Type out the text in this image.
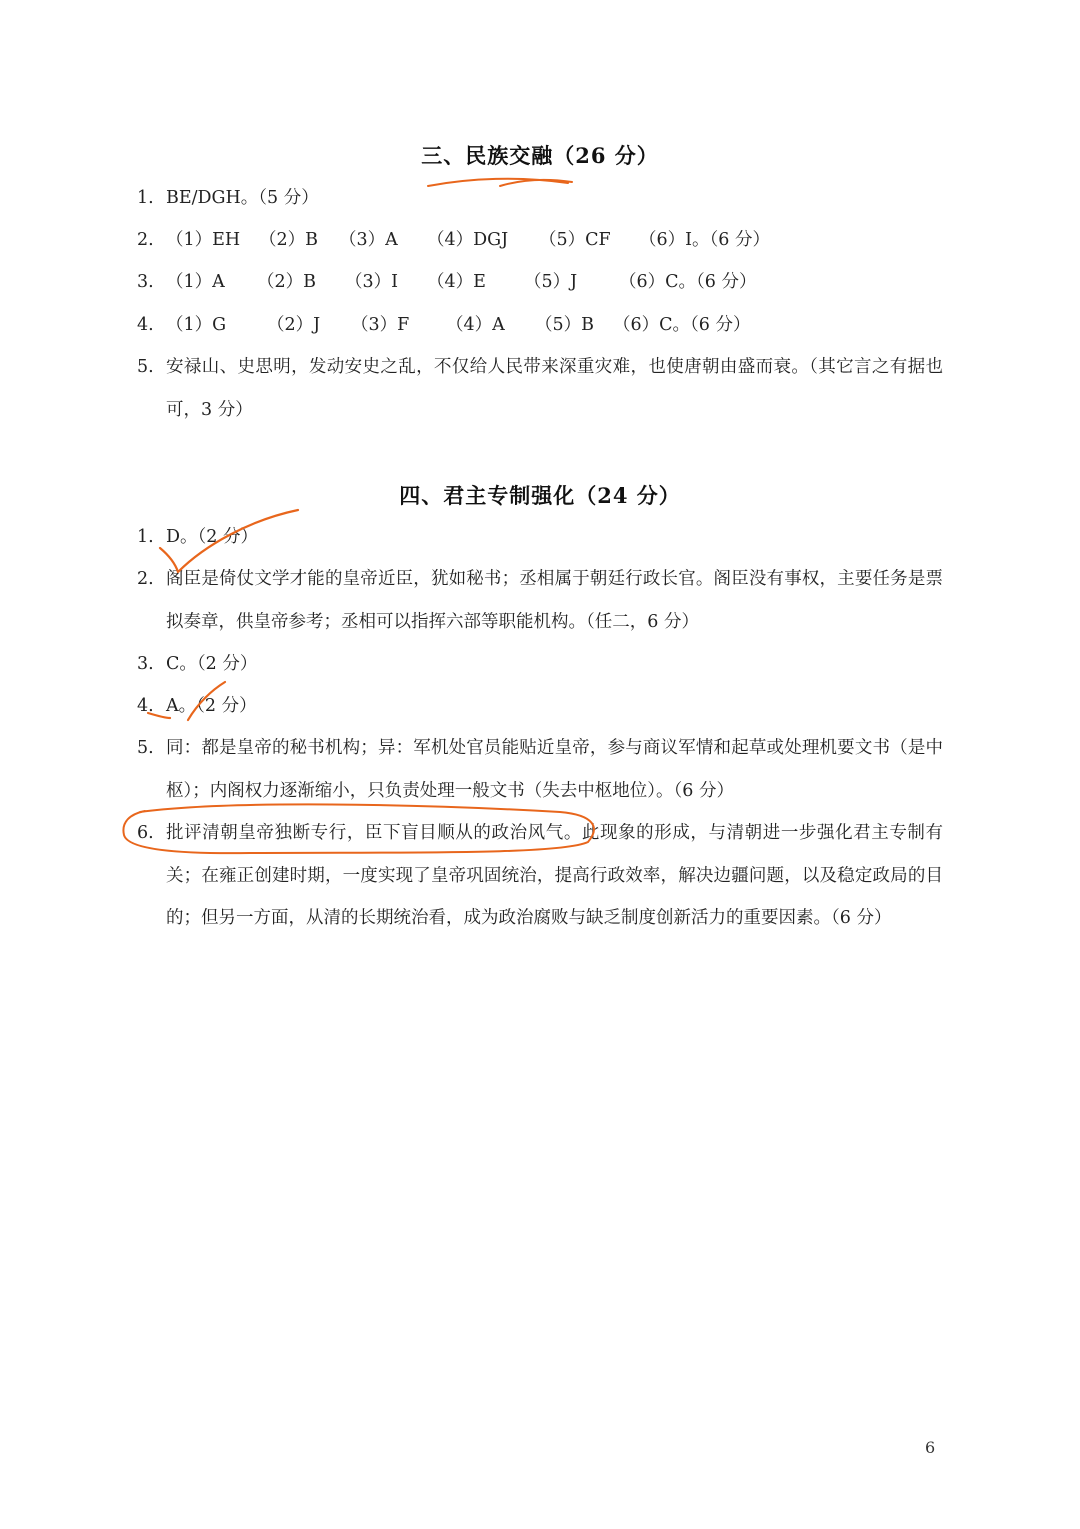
三、民族交融（26 分）
1. BE/DGH。（5 分）
2. （1）EH （2）B （3）A （4）DGJ （5）CF （6）I。（6 分）
3. （1）A （2）B （3）I （4）E （5）J （6）C。（6 分）
4. （1）G （2）J （3）F （4）A （5）B （6）C。（6 分）
5. 安禄山、史思明，发动安史之乱，不仅给人民带来深重灾难，也使唐朝由盛而衰。（其它言之有据也可，3 分）
四、君主专制强化（24 分）
1. D。（2 分）
2. 阁臣是倚仗文学才能的皇帝近臣，犹如秘书；丞相属于朝廷行政长官。阁臣没有事权，主要任务是票拟奏章，供皇帝参考；丞相可以指挥六部等职能机构。（任二，6 分）
3. C。（2 分）
4. A。（2 分）
5. 同：都是皇帝的秘书机构；异：军机处官员能贴近皇帝，参与商议军情和起草或处理机要文书（是中枢）；内阁权力逐渐缩小，只负责处理一般文书（失去中枢地位）。（6 分）
6. 批评清朝皇帝独断专行，臣下盲目顺从的政治风气。此现象的形成，与清朝进一步强化君主专制有关；在雍正创建时期，一度实现了皇帝巩固统治，提高行政效率，解决边疆问题，以及稳定政局的目的；但另一方面，从清的长期统治看，成为政治腐败与缺乏制度创新活力的重要因素。（6 分）
6
